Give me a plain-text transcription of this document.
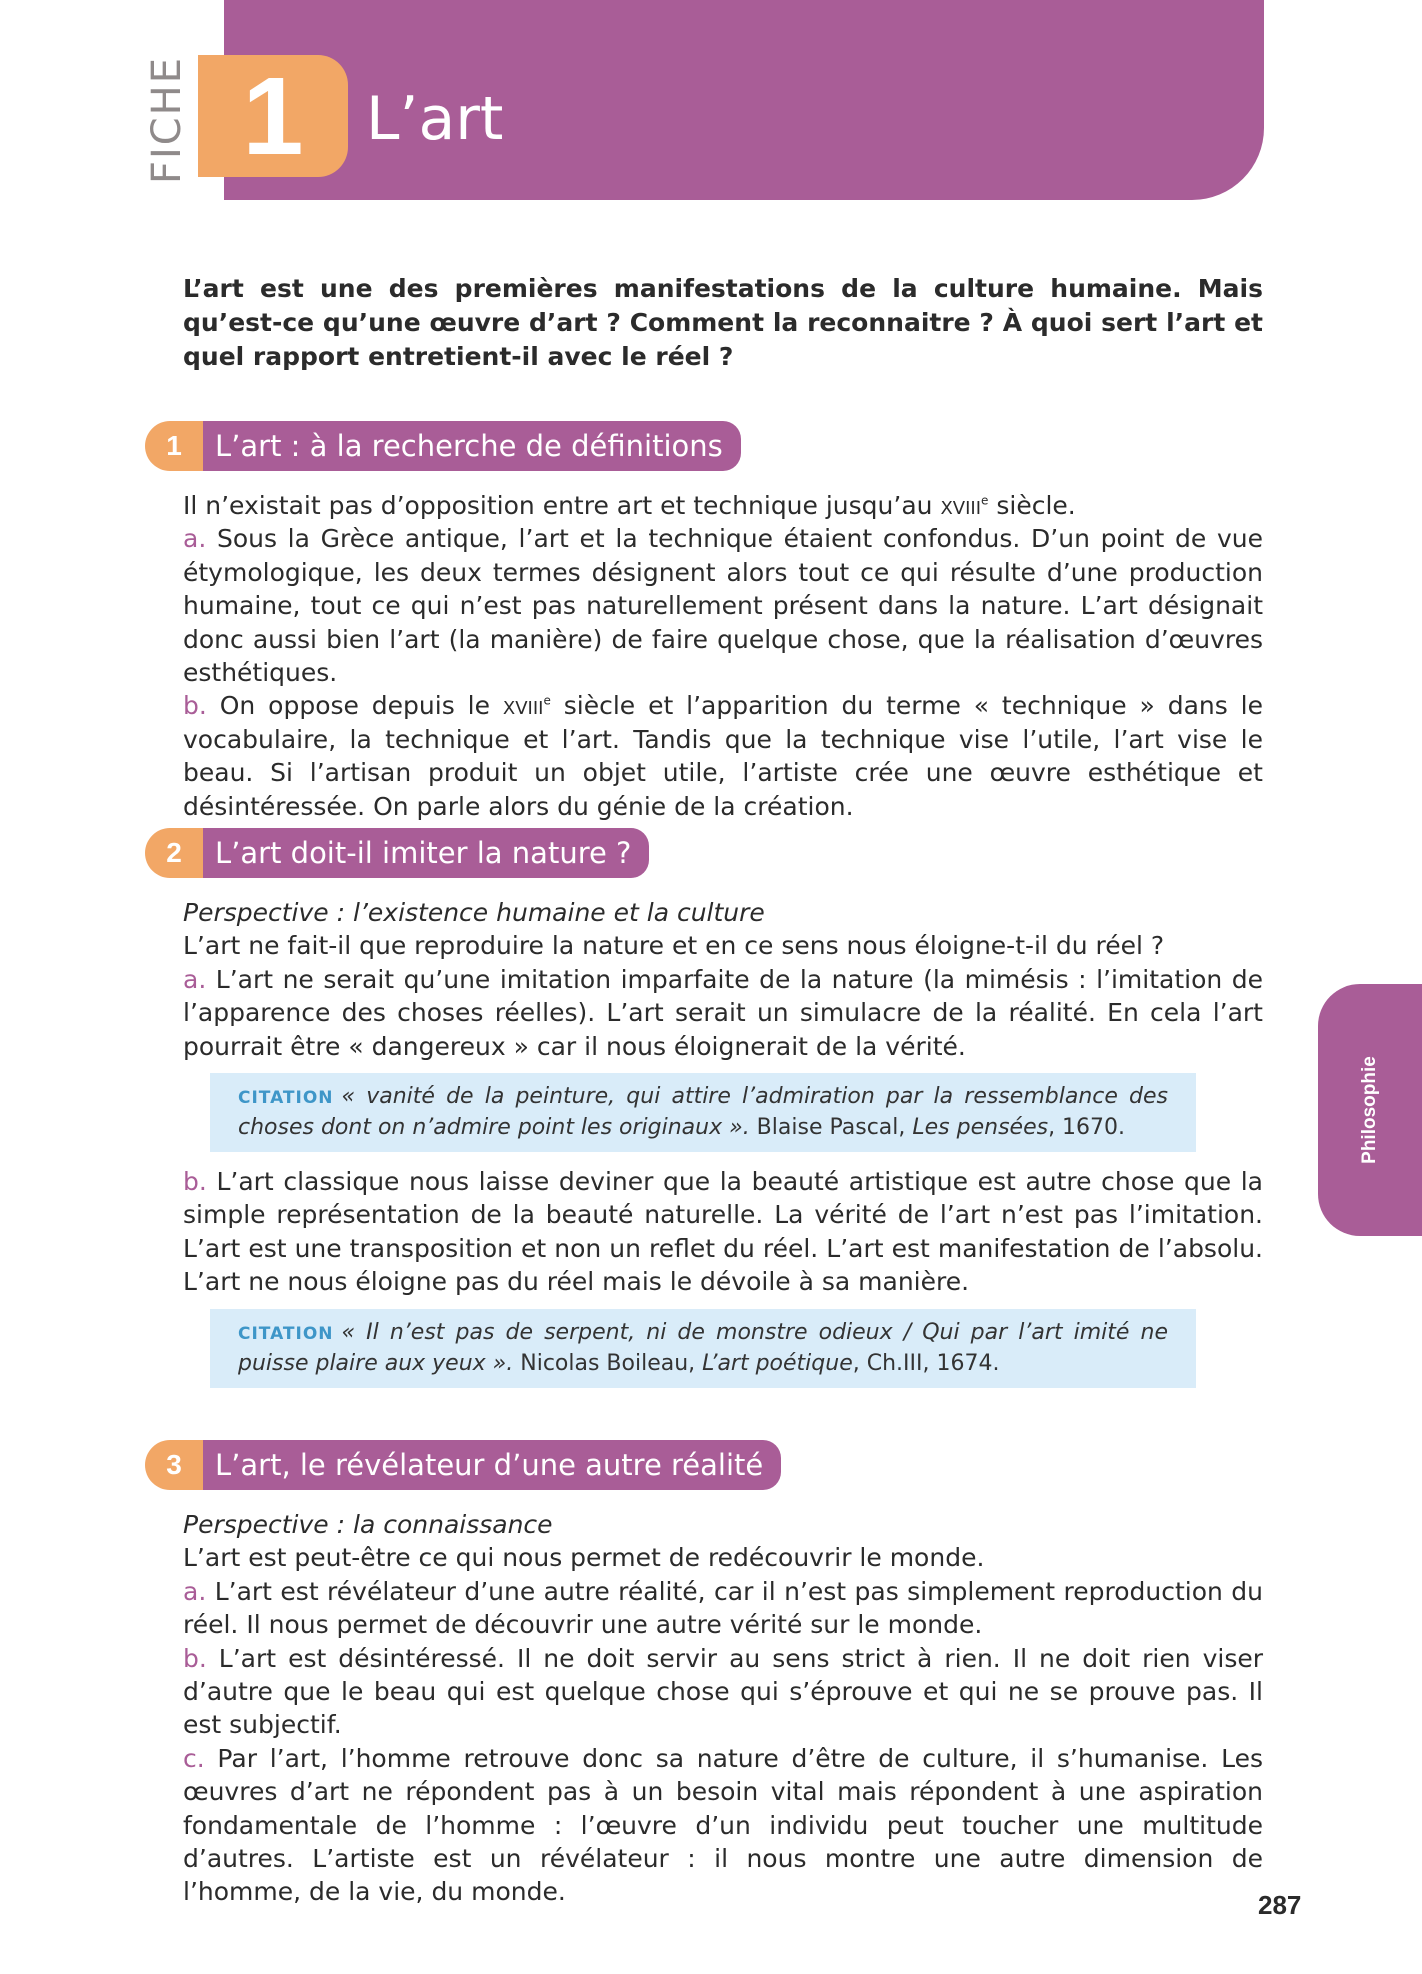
FICHE 1	L’art

L’art est une des premières manifestations de la culture humaine. Mais qu’est-ce qu’une œuvre d’art ? Comment la reconnaitre ? À quoi sert l’art et quel rapport entretient-il avec le réel ?

1	L’art : à la recherche de définitions

Il n’existait pas d’opposition entre art et technique jusqu’au xviii$^e$ siècle.

a. Sous la Grèce antique, l’art et la technique étaient confondus. D’un point de vue étymologique, les deux termes désignent alors tout ce qui résulte d’une production humaine, tout ce qui n’est pas naturellement présent dans la nature. L’art désignait donc aussi bien l’art (la manière) de faire quelque chose, que la réalisation d’œuvres esthétiques.

b. On oppose depuis le xviii$^e$ siècle et l’apparition du terme « technique » dans le vocabulaire, la technique et l’art. Tandis que la technique vise l’utile, l’art vise le beau. Si l’artisan produit un objet utile, l’artiste crée une œuvre esthétique et désintéressée. On parle alors du génie de la création.

2	L’art doit-il imiter la nature ?

Perspective : l’existence humaine et la culture

L’art ne fait-il que reproduire la nature et en ce sens nous éloigne-t-il du réel ?

a. L’art ne serait qu’une imitation imparfaite de la nature (la mimésis : l’imitation de l’apparence des choses réelles). L’art serait un simulacre de la réalité. En cela l’art pourrait être « dangereux » car il nous éloignerait de la vérité.

CITATION « vanité de la peinture, qui attire l’admiration par la ressemblance des choses dont on n’admire point les originaux ». Blaise Pascal, Les pensées, 1670.

b. L’art classique nous laisse deviner que la beauté artistique est autre chose que la simple représentation de la beauté naturelle. La vérité de l’art n’est pas l’imitation. L’art est une transposition et non un reflet du réel. L’art est manifestation de l’absolu. L’art ne nous éloigne pas du réel mais le dévoile à sa manière.

CITATION « Il n’est pas de serpent, ni de monstre odieux / Qui par l’art imité ne puisse plaire aux yeux ». Nicolas Boileau, L’art poétique, Ch.III, 1674.

3	L’art, le révélateur d’une autre réalité

Perspective : la connaissance

L’art est peut-être ce qui nous permet de redécouvrir le monde.

a. L’art est révélateur d’une autre réalité, car il n’est pas simplement reproduction du réel. Il nous permet de découvrir une autre vérité sur le monde.

b. L’art est désintéressé. Il ne doit servir au sens strict à rien. Il ne doit rien viser d’autre que le beau qui est quelque chose qui s’éprouve et qui ne se prouve pas. Il est subjectif.

c. Par l’art, l’homme retrouve donc sa nature d’être de culture, il s’humanise. Les œuvres d’art ne répondent pas à un besoin vital mais répondent à une aspiration fondamentale de l’homme : l’œuvre d’un individu peut toucher une multitude d’autres. L’artiste est un révélateur : il nous montre une autre dimension de l’homme, de la vie, du monde.

Philosophie
287
